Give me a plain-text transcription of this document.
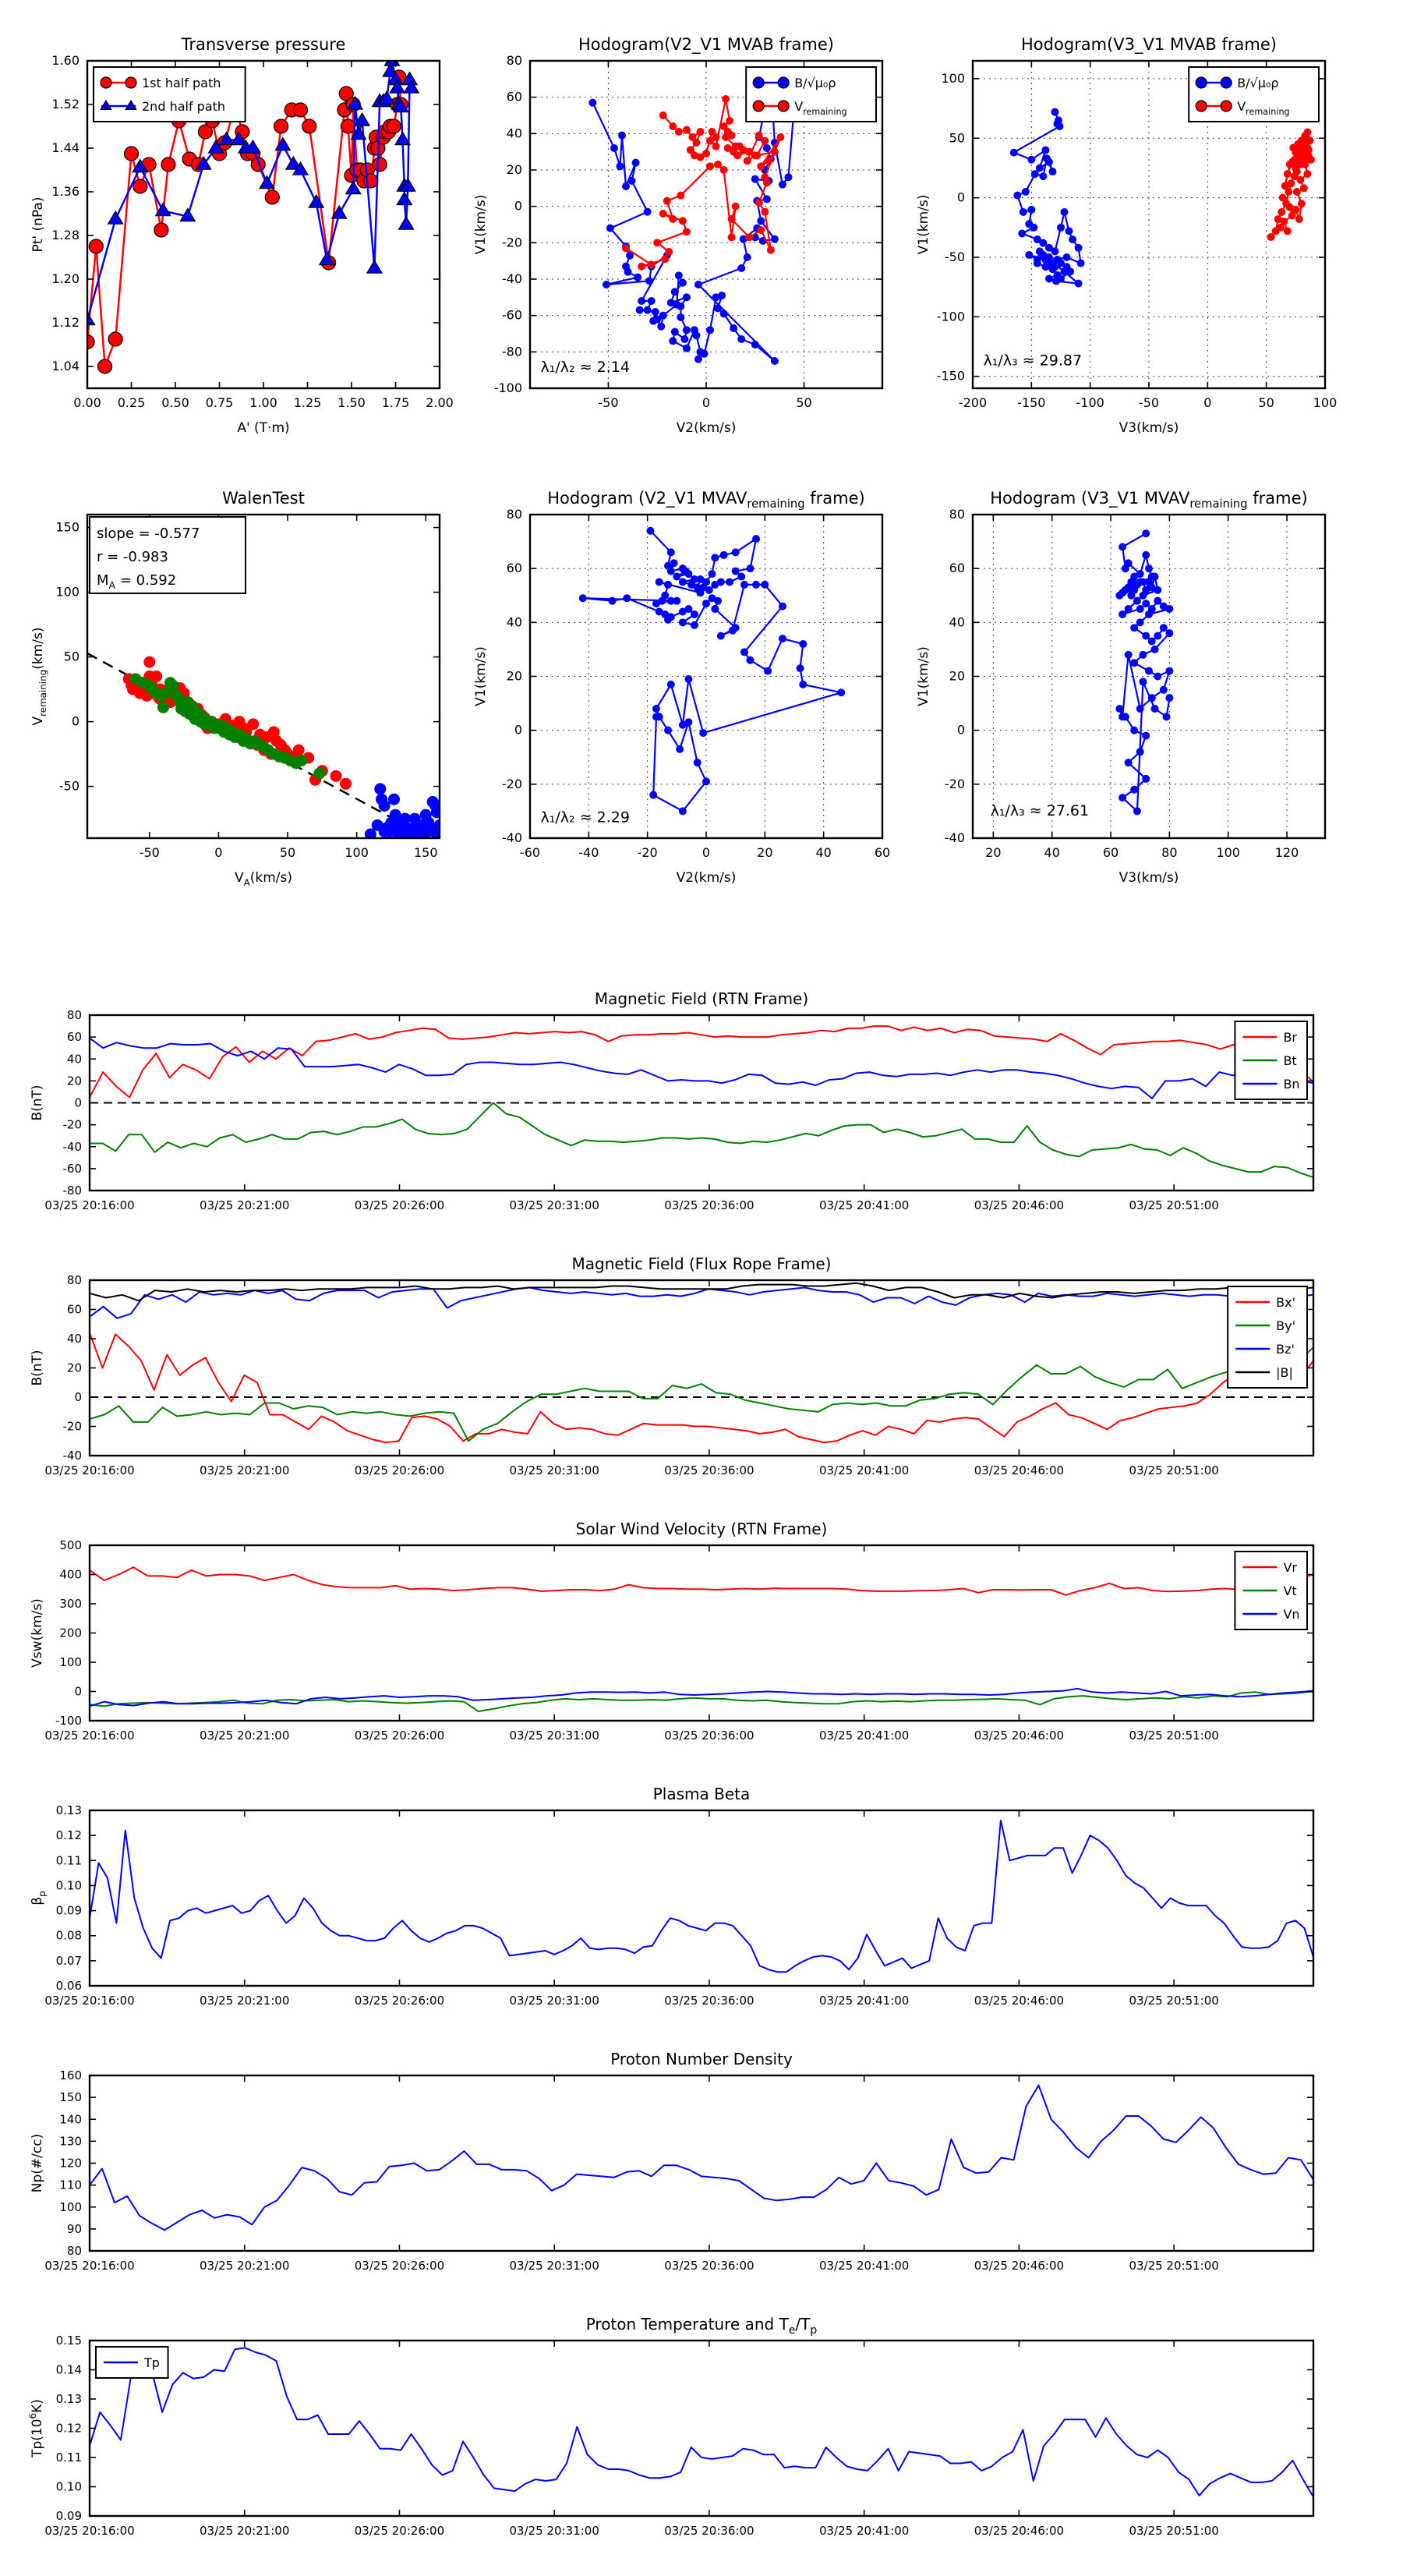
0.00 0.25 0.50 0.75 1.00 1.25 1.50 1.75 2.00
1.04
1.12
1.20
1.28
1.36
1.44
1.52
1.60
Transverse pressure
A' (T·m)
Pt' (nPa)
1st half path
2nd half path
-50	0	50
-100
-80
-60
-40
-20
0
20
40
60
80
Hodogram(V2_V1 MVAB frame)
V2(km/s)
V1(km/s)
λ₁/λ₂ ≈ 2.14
B/√μ₀ρ
$V_{remaining}$
-200 -150 -100	-50	0	50	100
-150
-100
-50
0
50
100
Hodogram(V3_V1 MVAB frame)
V3(km/s)
V1(km/s)
λ₁/λ₃ ≈ 29.87
B/√μ₀ρ
$V_{remaining}$
-50	0	50	100	150
-50
0
50
100
150
WalenTest
$V_A(km/s)$
$V_{remaining}(km/s)$
slope = -0.577
r = -0.983
$M_A = 0.592$
-60	-40	-20	0	20	40	60
-40
-20
0
20
40
60
80
Hodogram (V2_V1 $MVAV_{remaining}$ frame)
V2(km/s)
V1(km/s)
λ₁/λ₂ ≈ 2.29
20	40	60	80	100	120
-40
-20
0
20
40
60
80
Hodogram (V3_V1 $MVAV_{remaining}$ frame)
V3(km/s)
V1(km/s)
λ₁/λ₃ ≈ 27.61
03/25 20:16:00	03/25 20:21:00	03/25 20:26:00	03/25 20:31:00	03/25 20:36:00	03/25 20:41:00	03/25 20:46:00	03/25 20:51:00
-80
-60
-40
-20
0
20
40
60
80
Magnetic Field (RTN Frame)
B(nT)
Br
Bt
Bn
03/25 20:16:00	03/25 20:21:00	03/25 20:26:00	03/25 20:31:00	03/25 20:36:00	03/25 20:41:00	03/25 20:46:00	03/25 20:51:00
-40
-20
0
20
40
60
80
Magnetic Field (Flux Rope Frame)
B(nT)
Bx'
By'
Bz'
|B|
03/25 20:16:00	03/25 20:21:00	03/25 20:26:00	03/25 20:31:00	03/25 20:36:00	03/25 20:41:00	03/25 20:46:00	03/25 20:51:00
-100
0
100
200
300
400
500
Solar Wind Velocity (RTN Frame)
Vsw(km/s)
Vr
Vt
Vn
03/25 20:16:00	03/25 20:21:00	03/25 20:26:00	03/25 20:31:00	03/25 20:36:00	03/25 20:41:00	03/25 20:46:00	03/25 20:51:00
0.06
0.07
0.08
0.09
0.10
0.11
0.12
0.13
Plasma Beta
$\beta_p$
03/25 20:16:00	03/25 20:21:00	03/25 20:26:00	03/25 20:31:00	03/25 20:36:00	03/25 20:41:00	03/25 20:46:00	03/25 20:51:00
80
90
100
110
120
130
140
150
160
Proton Number Density
Np(#/cc)
03/25 20:16:00	03/25 20:21:00	03/25 20:26:00	03/25 20:31:00	03/25 20:36:00	03/25 20:41:00	03/25 20:46:00	03/25 20:51:00
0.09
0.10
0.11
0.12
0.13
0.14
0.15
Proton Temperature and $T_e/T_p$
$Tp(10^6K)$
Tp
